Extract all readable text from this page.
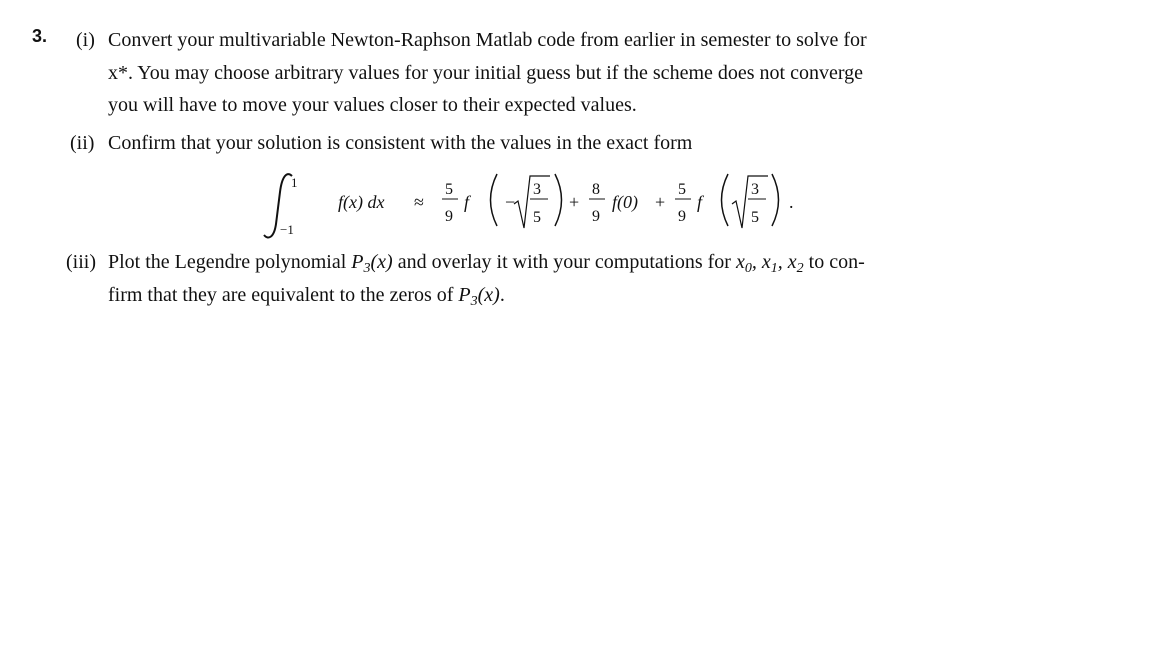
3. (i) Convert your multivariable Newton-Raphson Matlab code from earlier in semester to solve for
x*. You may choose arbitrary values for your initial guess but if the scheme does not converge
you will have to move your values closer to their expected values.
(ii) Confirm that your solution is consistent with the values in the exact form
1
−1
f(x) dx ≈
5
9
f −
3
5
+
8
9
f(0) +
5
9
f
3
5
.
(iii) Plot the Legendre polynomial $P_3(x)$ and overlay it with your computations for $x_0$, $x_1$, $x_2$ to con-
firm that they are equivalent to the zeros of $P_3(x)$.
